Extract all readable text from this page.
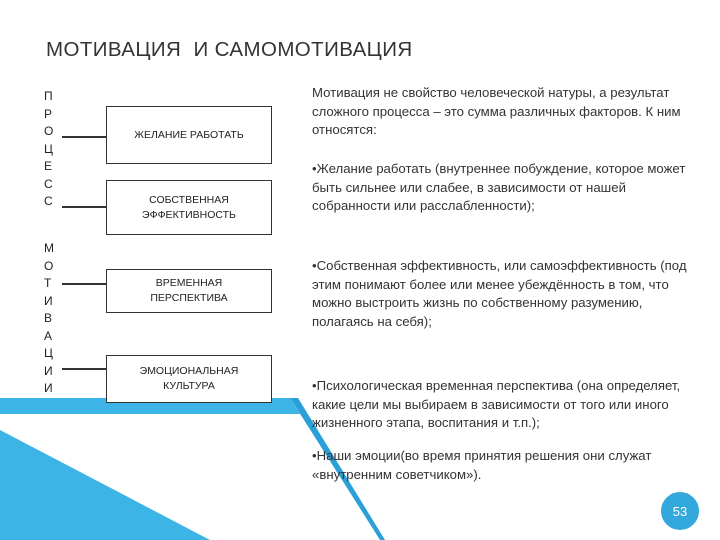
МОТИВАЦИЯ  И САМОМОТИВАЦИЯ
П
Р
О
Ц
Е
С
С
М
О
Т
И
В
А
Ц
И
И
ЖЕЛАНИЕ РАБОТАТЬ
СОБСТВЕННАЯ ЭФФЕКТИВНОСТЬ
ВРЕМЕННАЯ ПЕРСПЕКТИВА
ЭМОЦИОНАЛЬНАЯ КУЛЬТУРА
Мотивация не свойство человеческой натуры, а результат сложного процесса – это сумма различных факторов. К ним относятся:
•Желание работать (внутреннее побуждение, которое может быть сильнее или слабее, в зависимости от нашей собранности или расслабленности);
•Собственная эффективность, или самоэффективность (под этим понимают более или менее убеждённость в том, что можно выстроить жизнь по собственному разумению, полагаясь на себя);
•Психологическая временная перспектива (она определяет, какие цели мы выбираем в зависимости от того или иного жизненного этапа, воспитания и т.п.);
•Наши эмоции(во время принятия решения они служат «внутренним советчиком»).
53
